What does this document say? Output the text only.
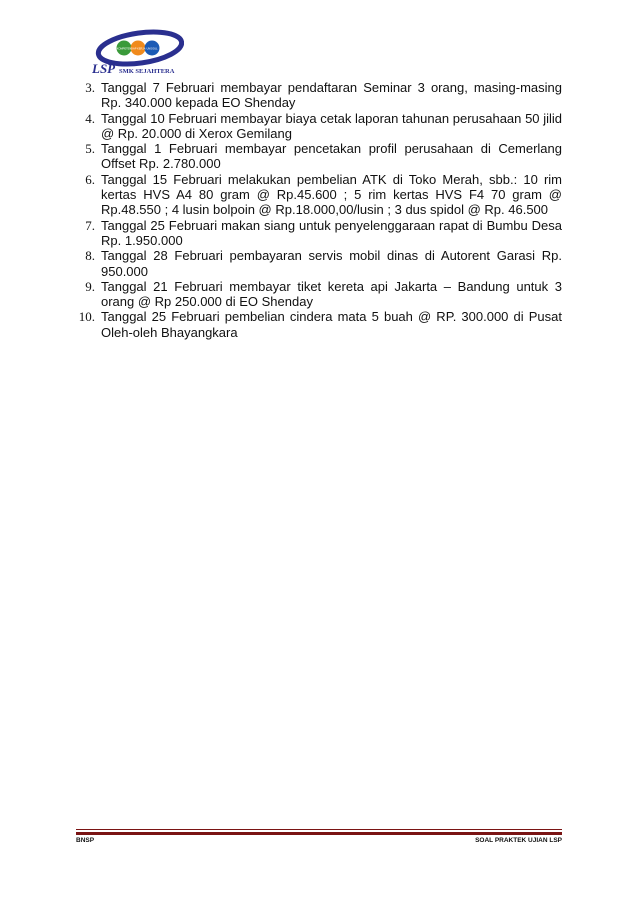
KOMPETEN SIAP KERJA UNGGUL
LSP SMK SEJAHTERA
3. Tanggal 7 Februari membayar pendaftaran Seminar 3 orang, masing-masing Rp. 340.000 kepada EO Shenday
4. Tanggal 10 Februari membayar biaya cetak laporan tahunan perusahaan 50 jilid @ Rp. 20.000 di Xerox Gemilang
5. Tanggal 1 Februari membayar pencetakan profil perusahaan di Cemerlang Offset Rp. 2.780.000
6. Tanggal 15 Februari melakukan pembelian ATK di Toko Merah, sbb.: 10 rim kertas HVS A4 80 gram @ Rp.45.600 ; 5 rim kertas HVS F4 70 gram @ Rp.48.550 ; 4 lusin bolpoin @ Rp.18.000,00/lusin ; 3 dus spidol @ Rp. 46.500
7. Tanggal 25 Februari makan siang untuk penyelenggaraan rapat di Bumbu Desa Rp. 1.950.000
8. Tanggal 28 Februari pembayaran servis mobil dinas di Autorent Garasi Rp. 950.000
9. Tanggal 21 Februari membayar tiket kereta api Jakarta – Bandung untuk 3 orang @ Rp 250.000 di EO Shenday
10. Tanggal 25 Februari pembelian cindera mata 5 buah @ RP. 300.000 di Pusat Oleh-oleh Bhayangkara
BNSP	SOAL PRAKTEK UJIAN LSP
